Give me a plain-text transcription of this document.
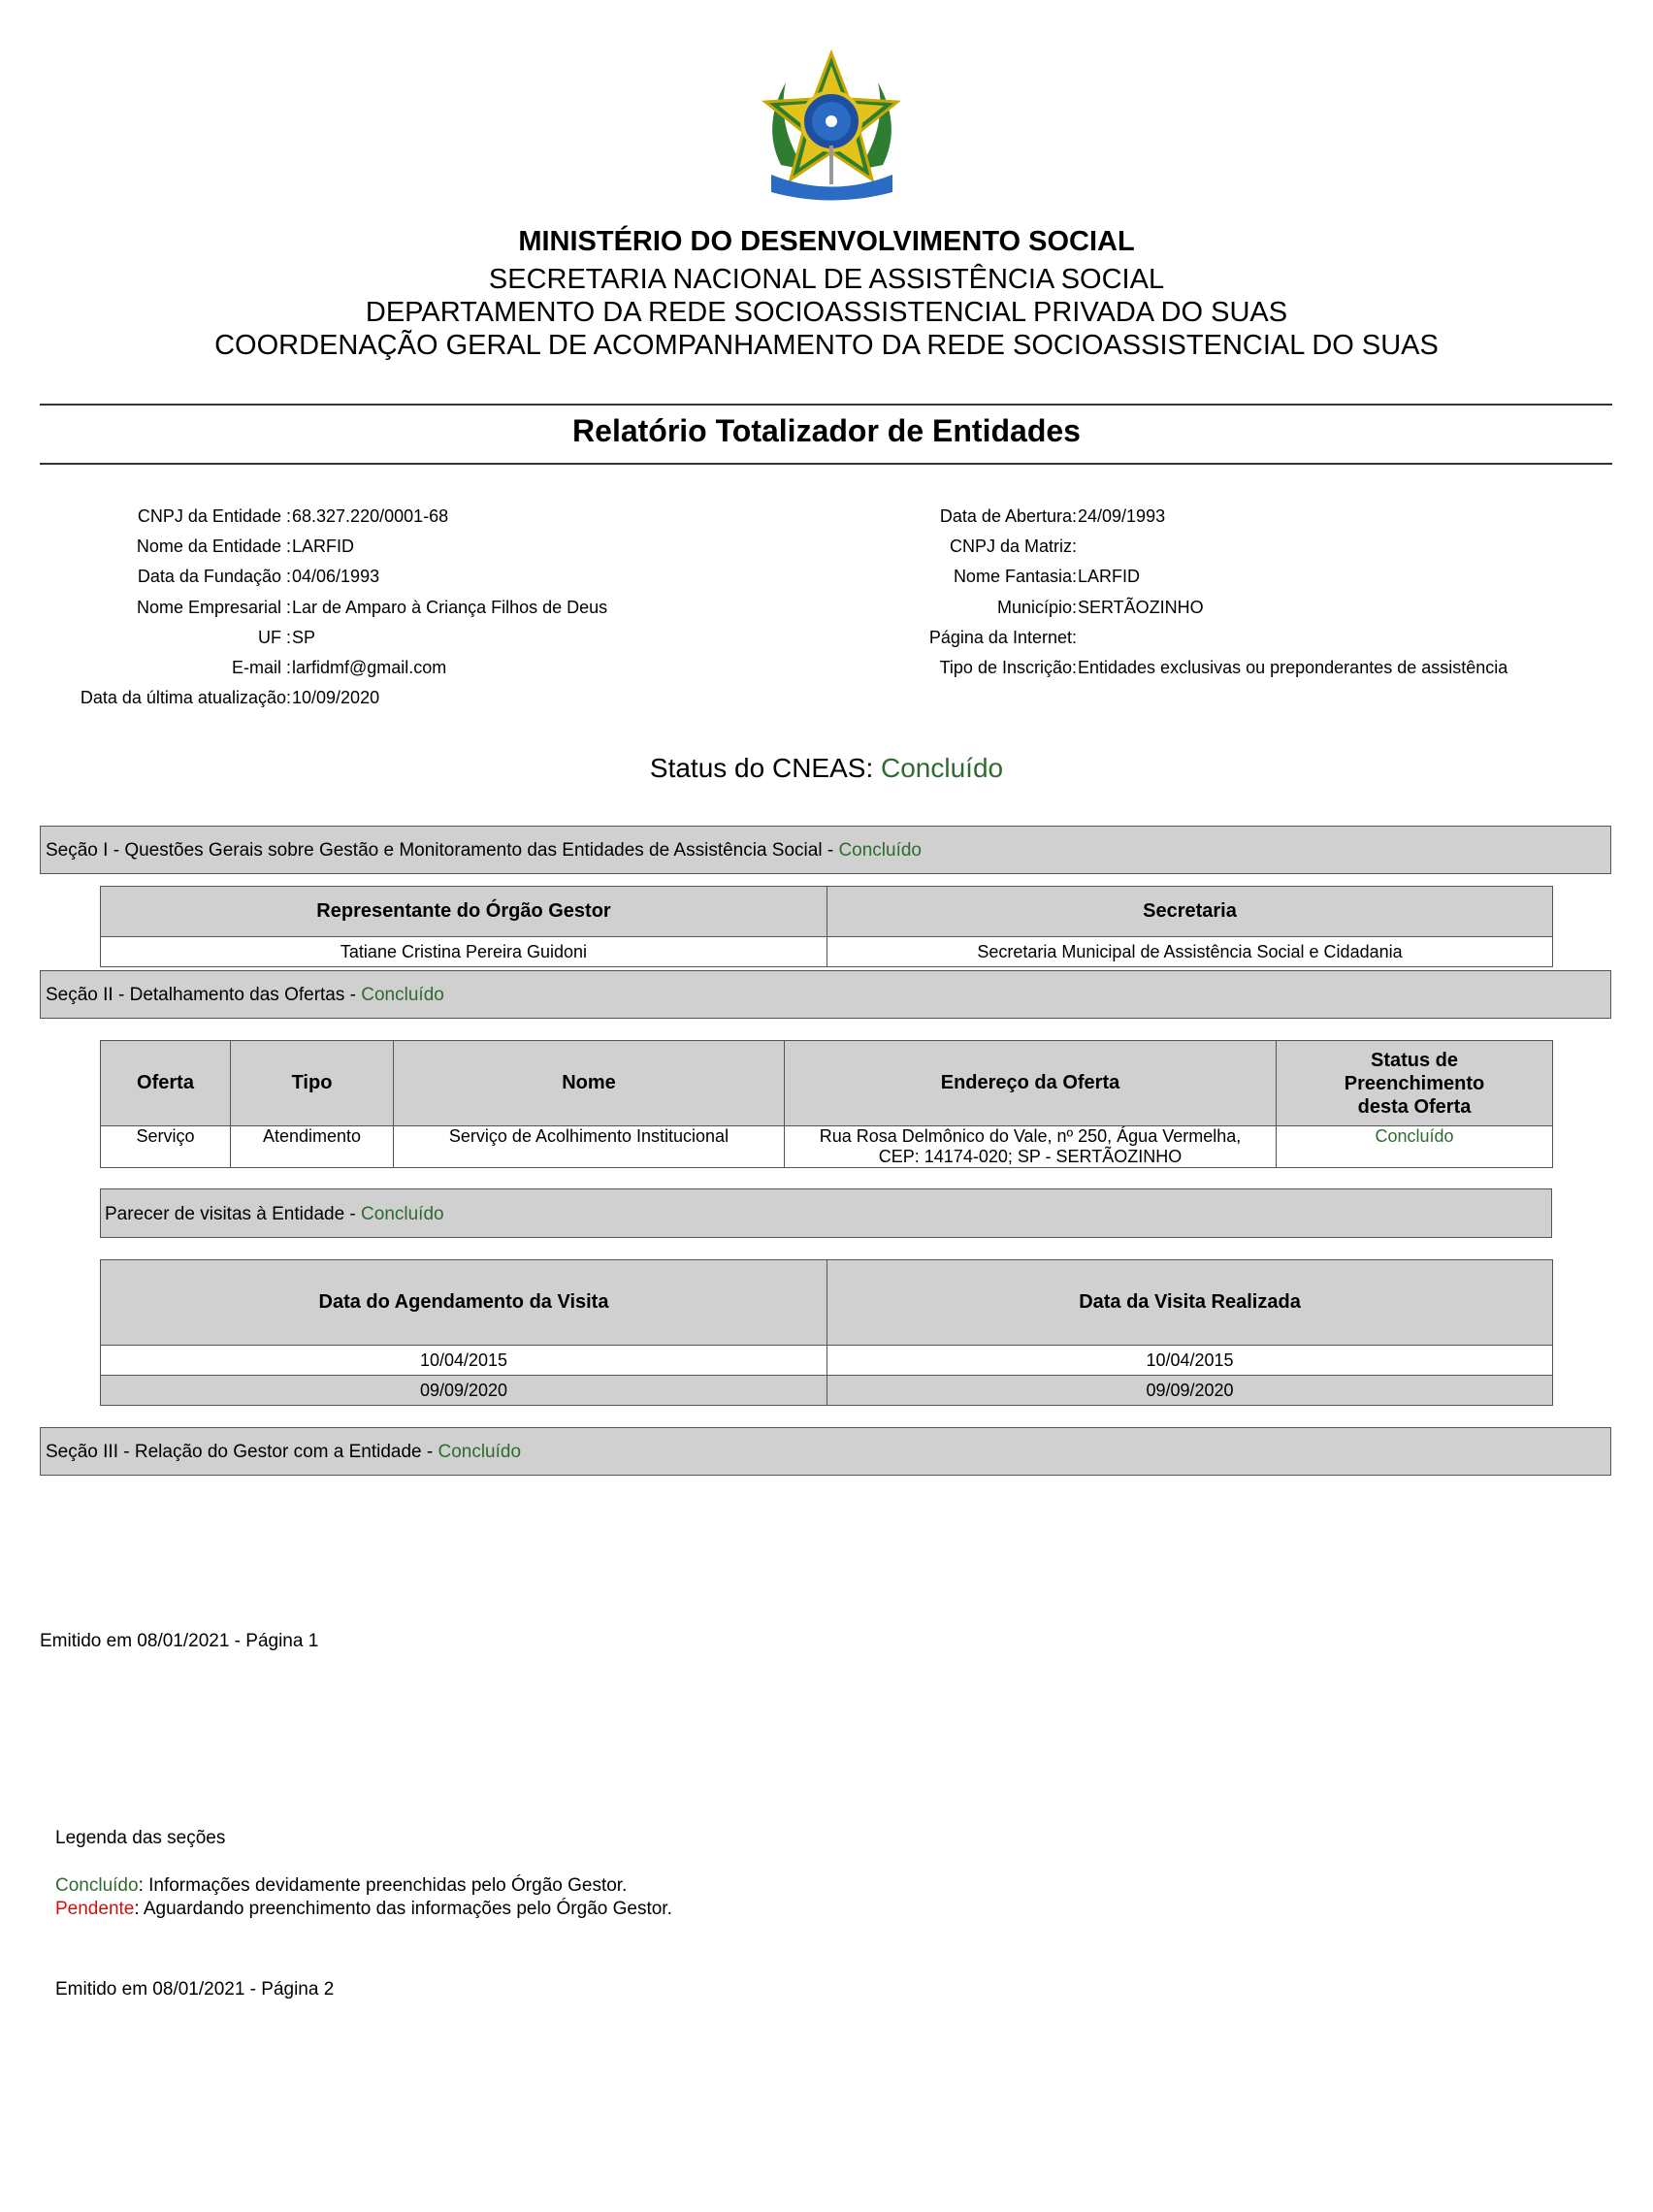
MINISTÉRIO DO DESENVOLVIMENTO SOCIAL
SECRETARIA NACIONAL DE ASSISTÊNCIA SOCIAL
DEPARTAMENTO DA REDE SOCIOASSISTENCIAL PRIVADA DO SUAS
COORDENAÇÃO GERAL DE ACOMPANHAMENTO DA REDE SOCIOASSISTENCIAL DO SUAS
Relatório Totalizador de Entidades
CNPJ da Entidade : 68.327.220/0001-68
Nome da Entidade : LARFID
Data da Fundação : 04/06/1993
Nome Empresarial : Lar de Amparo à Criança Filhos de Deus
UF : SP
E-mail : larfidmf@gmail.com
Data da última atualização: 10/09/2020
Data de Abertura: 24/09/1993
CNPJ da Matriz:
Nome Fantasia: LARFID
Município: SERTÃOZINHO
Página da Internet:
Tipo de Inscrição: Entidades exclusivas ou preponderantes de assistência
Status do CNEAS: Concluído
Seção I - Questões Gerais sobre Gestão e Monitoramento das Entidades de Assistência Social - Concluído
Representante do Órgão Gestor	Secretaria
Tatiane Cristina Pereira Guidoni	Secretaria Municipal de Assistência Social e Cidadania
Seção II - Detalhamento das Ofertas - Concluído
Oferta	Tipo	Nome	Endereço da Oferta	Status de
Preenchimento
desta Oferta
Serviço	Atendimento	Serviço de Acolhimento Institucional	Rua Rosa Delmônico do Vale, nº 250, Água Vermelha,
CEP: 14174-020; SP - SERTÃOZINHO	Concluído
Parecer de visitas à Entidade - Concluído
Data do Agendamento da Visita	Data da Visita Realizada
10/04/2015	10/04/2015
09/09/2020	09/09/2020
Seção III - Relação do Gestor com a Entidade - Concluído
Emitido em 08/01/2021 - Página 1
Legenda das seções
Concluído: Informações devidamente preenchidas pelo Órgão Gestor.
Pendente: Aguardando preenchimento das informações pelo Órgão Gestor.
Emitido em 08/01/2021 - Página 2
